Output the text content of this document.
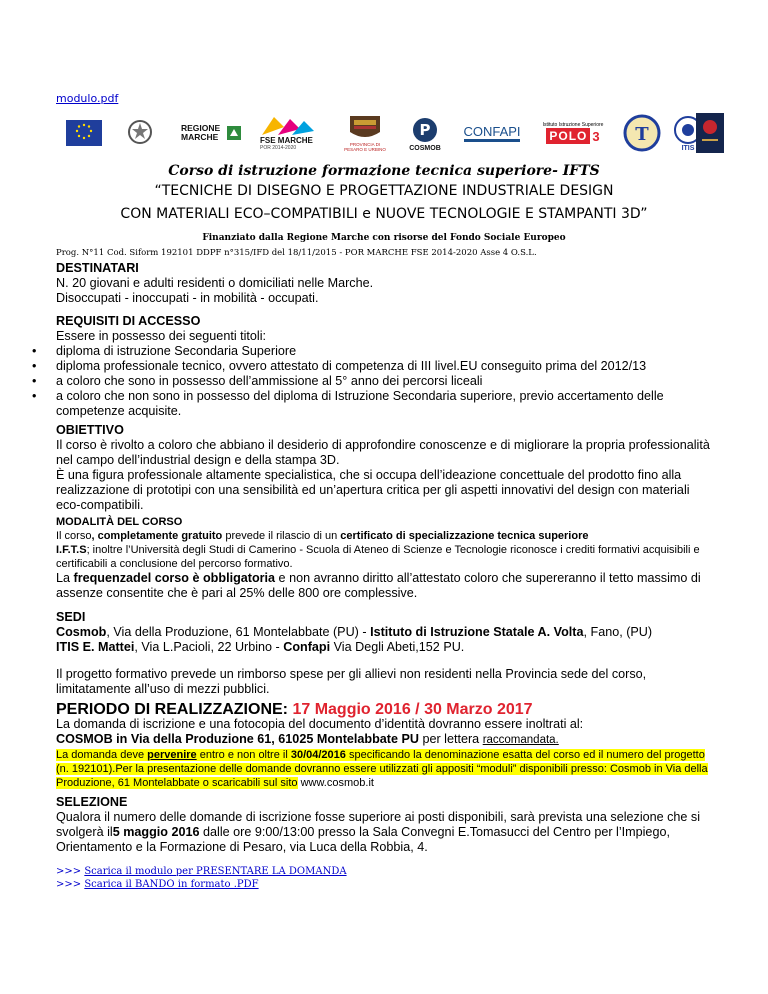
modulo.pdf
REGIONE MARCHE	FSE MARCHE
POR 2014-2020
PROVINCIA DI PESARO E URBINO
P
COSMOB
CONFAPI	Istituto Istruzione Superiore
POLO 3 T
ITIS
Corso di istruzione formazione tecnica superiore- IFTS
“TECNICHE DI DISEGNO E PROGETTAZIONE INDUSTRIALE DESIGN
CON MATERIALI ECO–COMPATIBILI e NUOVE TECNOLOGIE E STAMPANTI 3D”
Finanziato dalla Regione Marche con risorse del Fondo Sociale Europeo
Prog. N°11 Cod. Siform 192101 DDPF n°315/IFD del 18/11/2015 - POR MARCHE FSE 2014-2020 Asse 4 O.S.L.
DESTINATARI
N. 20 giovani e adulti residenti o domiciliati nelle Marche.
Disoccupati - inoccupati - in mobilità - occupati.
REQUISITI DI ACCESSO
Essere in possesso dei seguenti titoli:
• diploma di istruzione Secondaria Superiore
• diploma professionale tecnico, ovvero attestato di competenza di III livel.EU conseguito prima del 2012/13
• a coloro che sono in possesso dell’ammissione al 5° anno dei percorsi liceali
• a coloro che non sono in possesso del diploma di Istruzione Secondaria superiore, previo accertamento delle competenze acquisite.
OBIETTIVO
Il corso è rivolto a coloro che abbiano il desiderio di approfondire conoscenze e di migliorare la propria professionalità nel campo dell’industrial design e della stampa 3D.
È una figura professionale altamente specialistica, che si occupa dell’ideazione concettuale del prodotto fino alla realizzazione di prototipi con una sensibilità ed un’apertura critica per gli aspetti innovativi del design con materiali eco-compatibili.
MODALITÀ DEL CORSO
Il corso, completamente gratuito prevede il rilascio di un certificato di specializzazione tecnica superiore
I.F.T.S; inoltre l’Università degli Studi di Camerino - Scuola di Ateneo di Scienze e Tecnologie riconosce i crediti formativi acquisibili e certificabili a conclusione del percorso formativo.
La frequenzadel corso è obbligatoria e non avranno diritto all’attestato coloro che supereranno il tetto massimo di assenze consentite che è pari al 25% delle 800 ore complessive.
SEDI
Cosmob, Via della Produzione, 61 Montelabbate (PU) - Istituto di Istruzione Statale A. Volta, Fano, (PU)
ITIS E. Mattei, Via L.Pacioli, 22 Urbino - Confapi Via Degli Abeti,152 PU.
Il progetto formativo prevede un rimborso spese per gli allievi non residenti nella Provincia sede del corso, limitatamente all’uso di mezzi pubblici.
PERIODO DI REALIZZAZIONE: 17 Maggio 2016 / 30 Marzo 2017
La domanda di iscrizione e una fotocopia del documento d’identità dovranno essere inoltrati al:
COSMOB in Via della Produzione 61, 61025 Montelabbate PU per lettera raccomandata.
La domanda deve pervenire entro e non oltre il 30/04/2016 specificando la denominazione esatta del corso ed il numero del progetto (n. 192101).Per la presentazione delle domande dovranno essere utilizzati gli appositi “moduli” disponibili presso: Cosmob in Via della Produzione, 61 Montelabbate o scaricabili sul sito www.cosmob.it
SELEZIONE
Qualora il numero delle domande di iscrizione fosse superiore ai posti disponibili, sarà prevista una selezione che si svolgerà il5 maggio 2016 dalle ore 9:00/13:00 presso la Sala Convegni E.Tomasucci del Centro per l’Impiego, Orientamento e la Formazione di Pesaro, via Luca della Robbia, 4.
>>> Scarica il modulo per PRESENTARE LA DOMANDA
>>> Scarica il BANDO in formato .PDF
